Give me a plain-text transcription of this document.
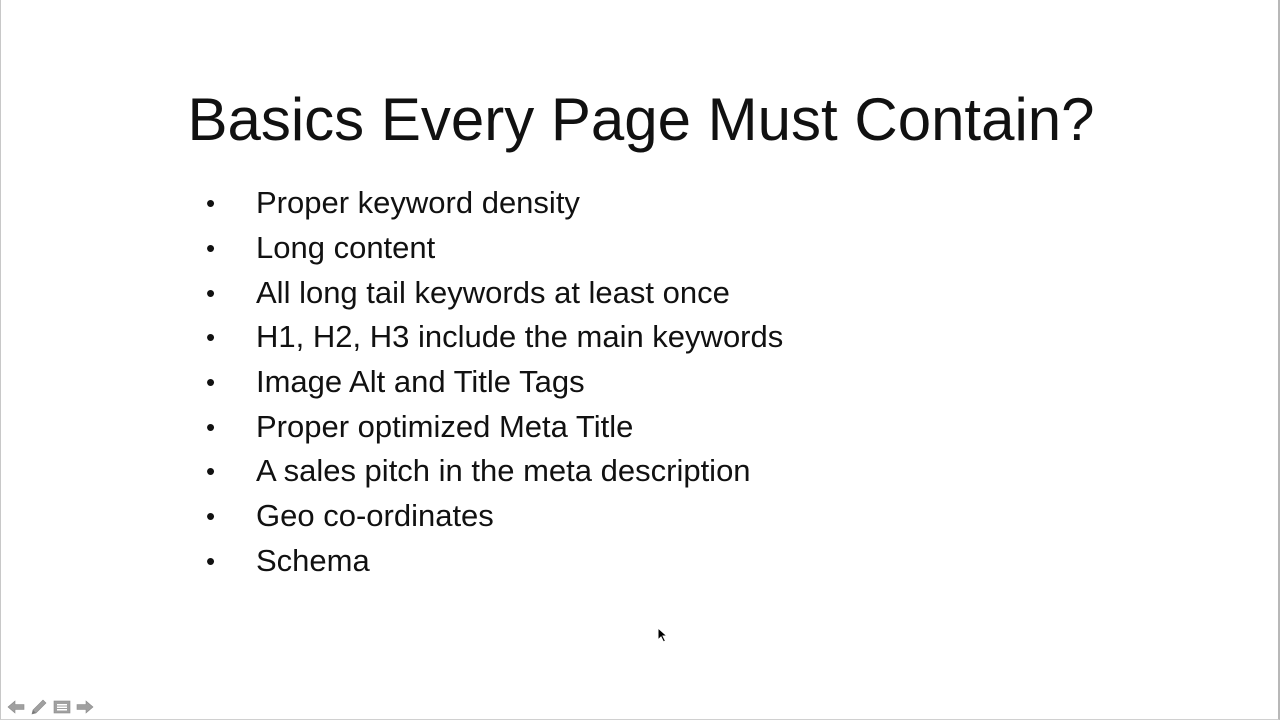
Basics Every Page Must Contain?
•	Proper keyword density
•	Long content
•	All long tail keywords at least once
•	H1, H2, H3 include the main keywords
•	Image Alt and Title Tags
•	Proper optimized Meta Title
•	A sales pitch in the meta description
•	Geo co-ordinates
•	Schema
